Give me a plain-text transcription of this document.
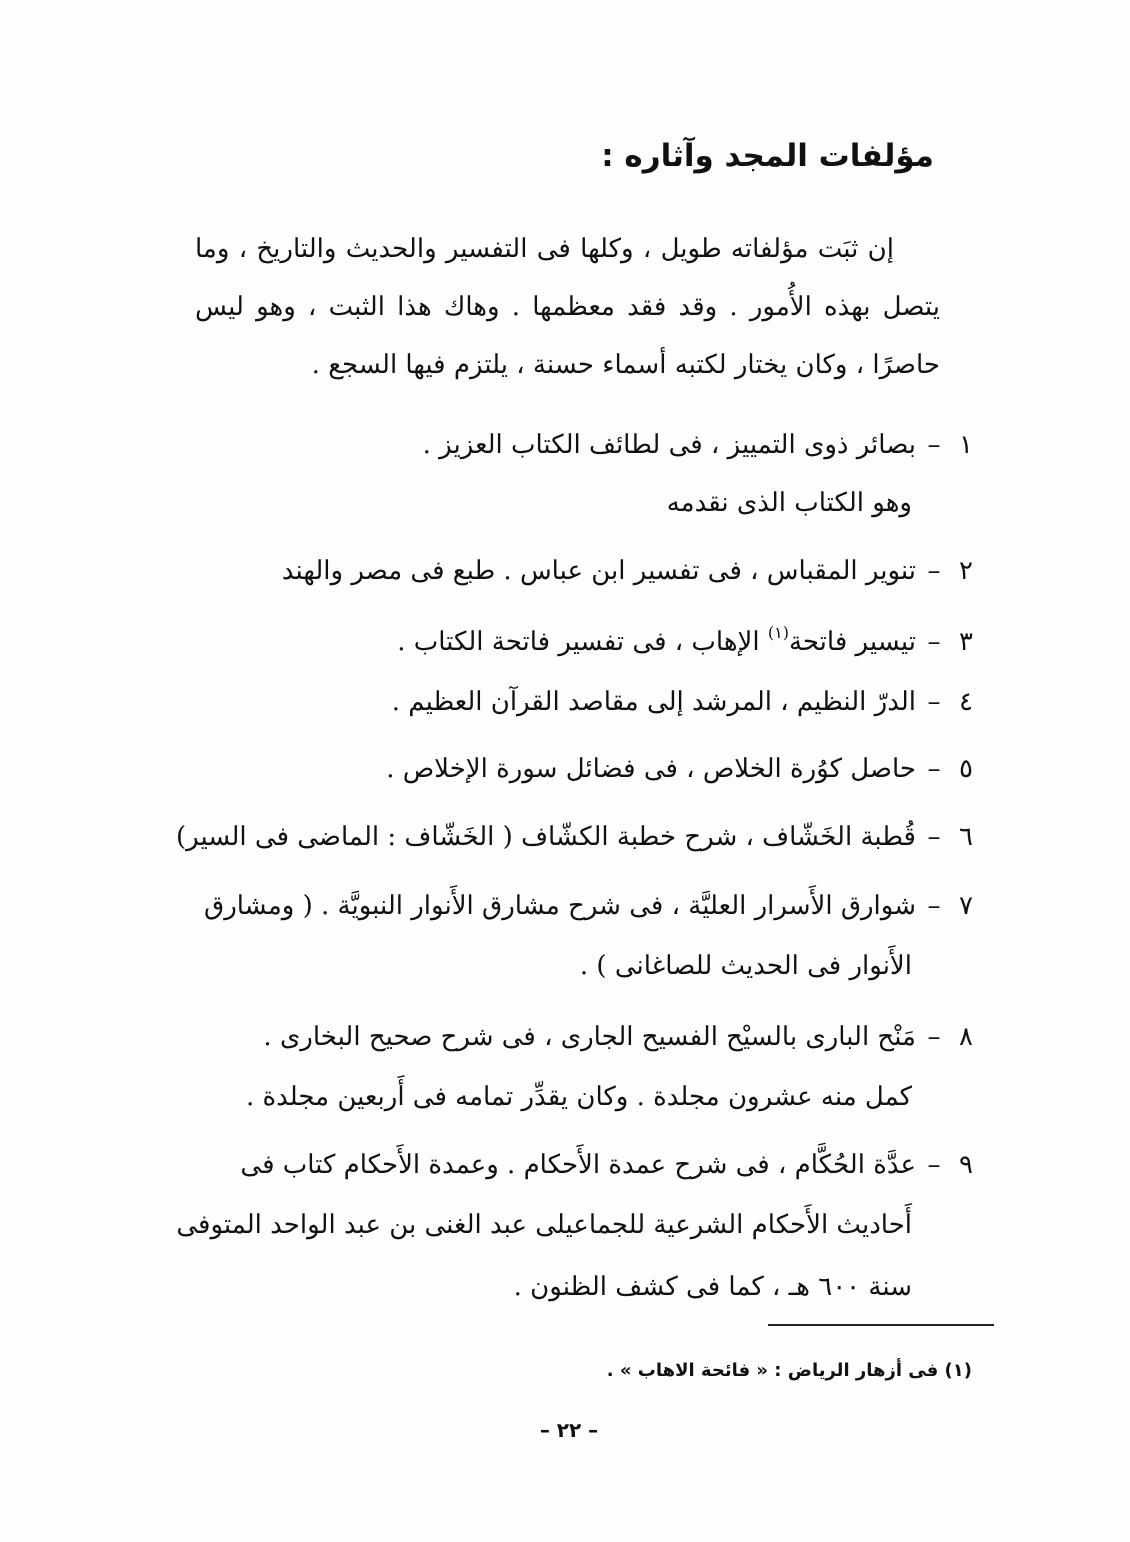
مؤلفات المجد وآثاره :
إن ثبَت مؤلفاته طويل ، وكلها فى التفسير والحديث والتاريخ ، وما يتصل بهذه الأُمور . وقد فقد معظمها . وهاك هذا الثبت ، وهو ليس حاصرًا ، وكان يختار لكتبه أسماء حسنة ، يلتزم فيها السجع .
١–بصائر ذوى التمييز ، فى لطائف الكتاب العزيز .
وهو الكتاب الذى نقدمه
٢–تنوير المقباس ، فى تفسير ابن عباس . طبع فى مصر والهند
٣–تيسير فاتحة$^{(١)}$ الإهاب ، فى تفسير فاتحة الكتاب .
٤–الدرّ النظيم ، المرشد إلى مقاصد القرآن العظيم .
٥–حاصل كوُرة الخلاص ، فى فضائل سورة الإخلاص .
٦–قُطبة الخَشّاف ، شرح خطبة الكشّاف ( الخَشّاف : الماضى فى السير)
٧–شوارق الأَسرار العليَّة ، فى شرح مشارق الأَنوار النبويَّة . ( ومشارق
الأَنوار فى الحديث للصاغانى ) .
٨–مَنْح البارى بالسيْح الفسيح الجارى ، فى شرح صحيح البخارى .
كمل منه عشرون مجلدة . وكان يقدِّر تمامه فى أَربعين مجلدة .
٩–عدَّة الحُكَّام ، فى شرح عمدة الأَحكام . وعمدة الأَحكام كتاب فى
أَحاديث الأَحكام الشرعية للجماعيلى عبد الغنى بن عبد الواحد المتوفى
سنة ٦٠٠ هـ ، كما فى كشف الظنون .
(١) فى أزهار الرياض : « فائحة الاهاب » .
– ٢٢ –
